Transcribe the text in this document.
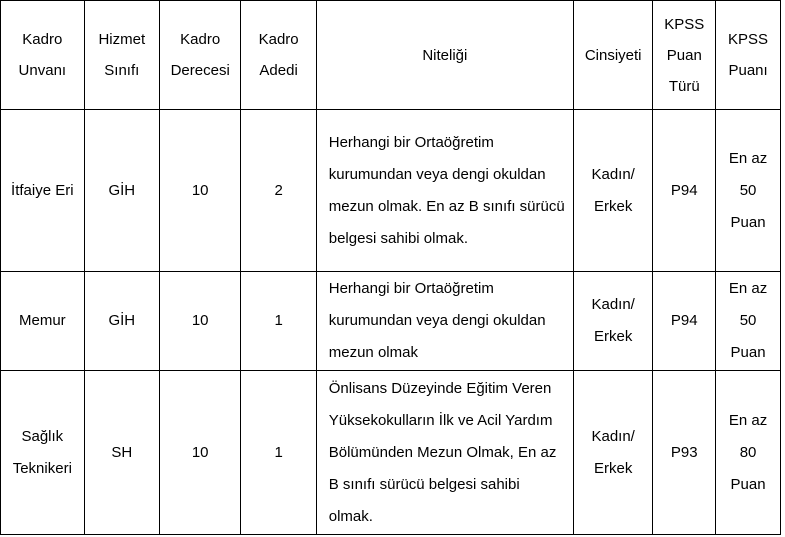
Kadro Unvanı	Hizmet Sınıfı	Kadro Derecesi	Kadro Adedi	Niteliği	Cinsiyeti	KPSS Puan Türü	KPSS Puanı
İtfaiye Eri	GİH	10	2	Herhangi bir Ortaöğretim kurumundan veya dengi okuldan mezun olmak. En az B sınıfı sürücü belgesi sahibi olmak.	Kadın/ Erkek	P94	En az 50 Puan
Memur	GİH	10	1	Herhangi bir Ortaöğretim kurumundan veya dengi okuldan mezun olmak	Kadın/ Erkek	P94	En az 50 Puan
Sağlık Teknikeri	SH	10	1	Önlisans Düzeyinde Eğitim Veren Yüksekokulların İlk ve Acil Yardım Bölümünden Mezun Olmak, En az B sınıfı sürücü belgesi sahibi olmak.	Kadın/ Erkek	P93	En az 80 Puan
